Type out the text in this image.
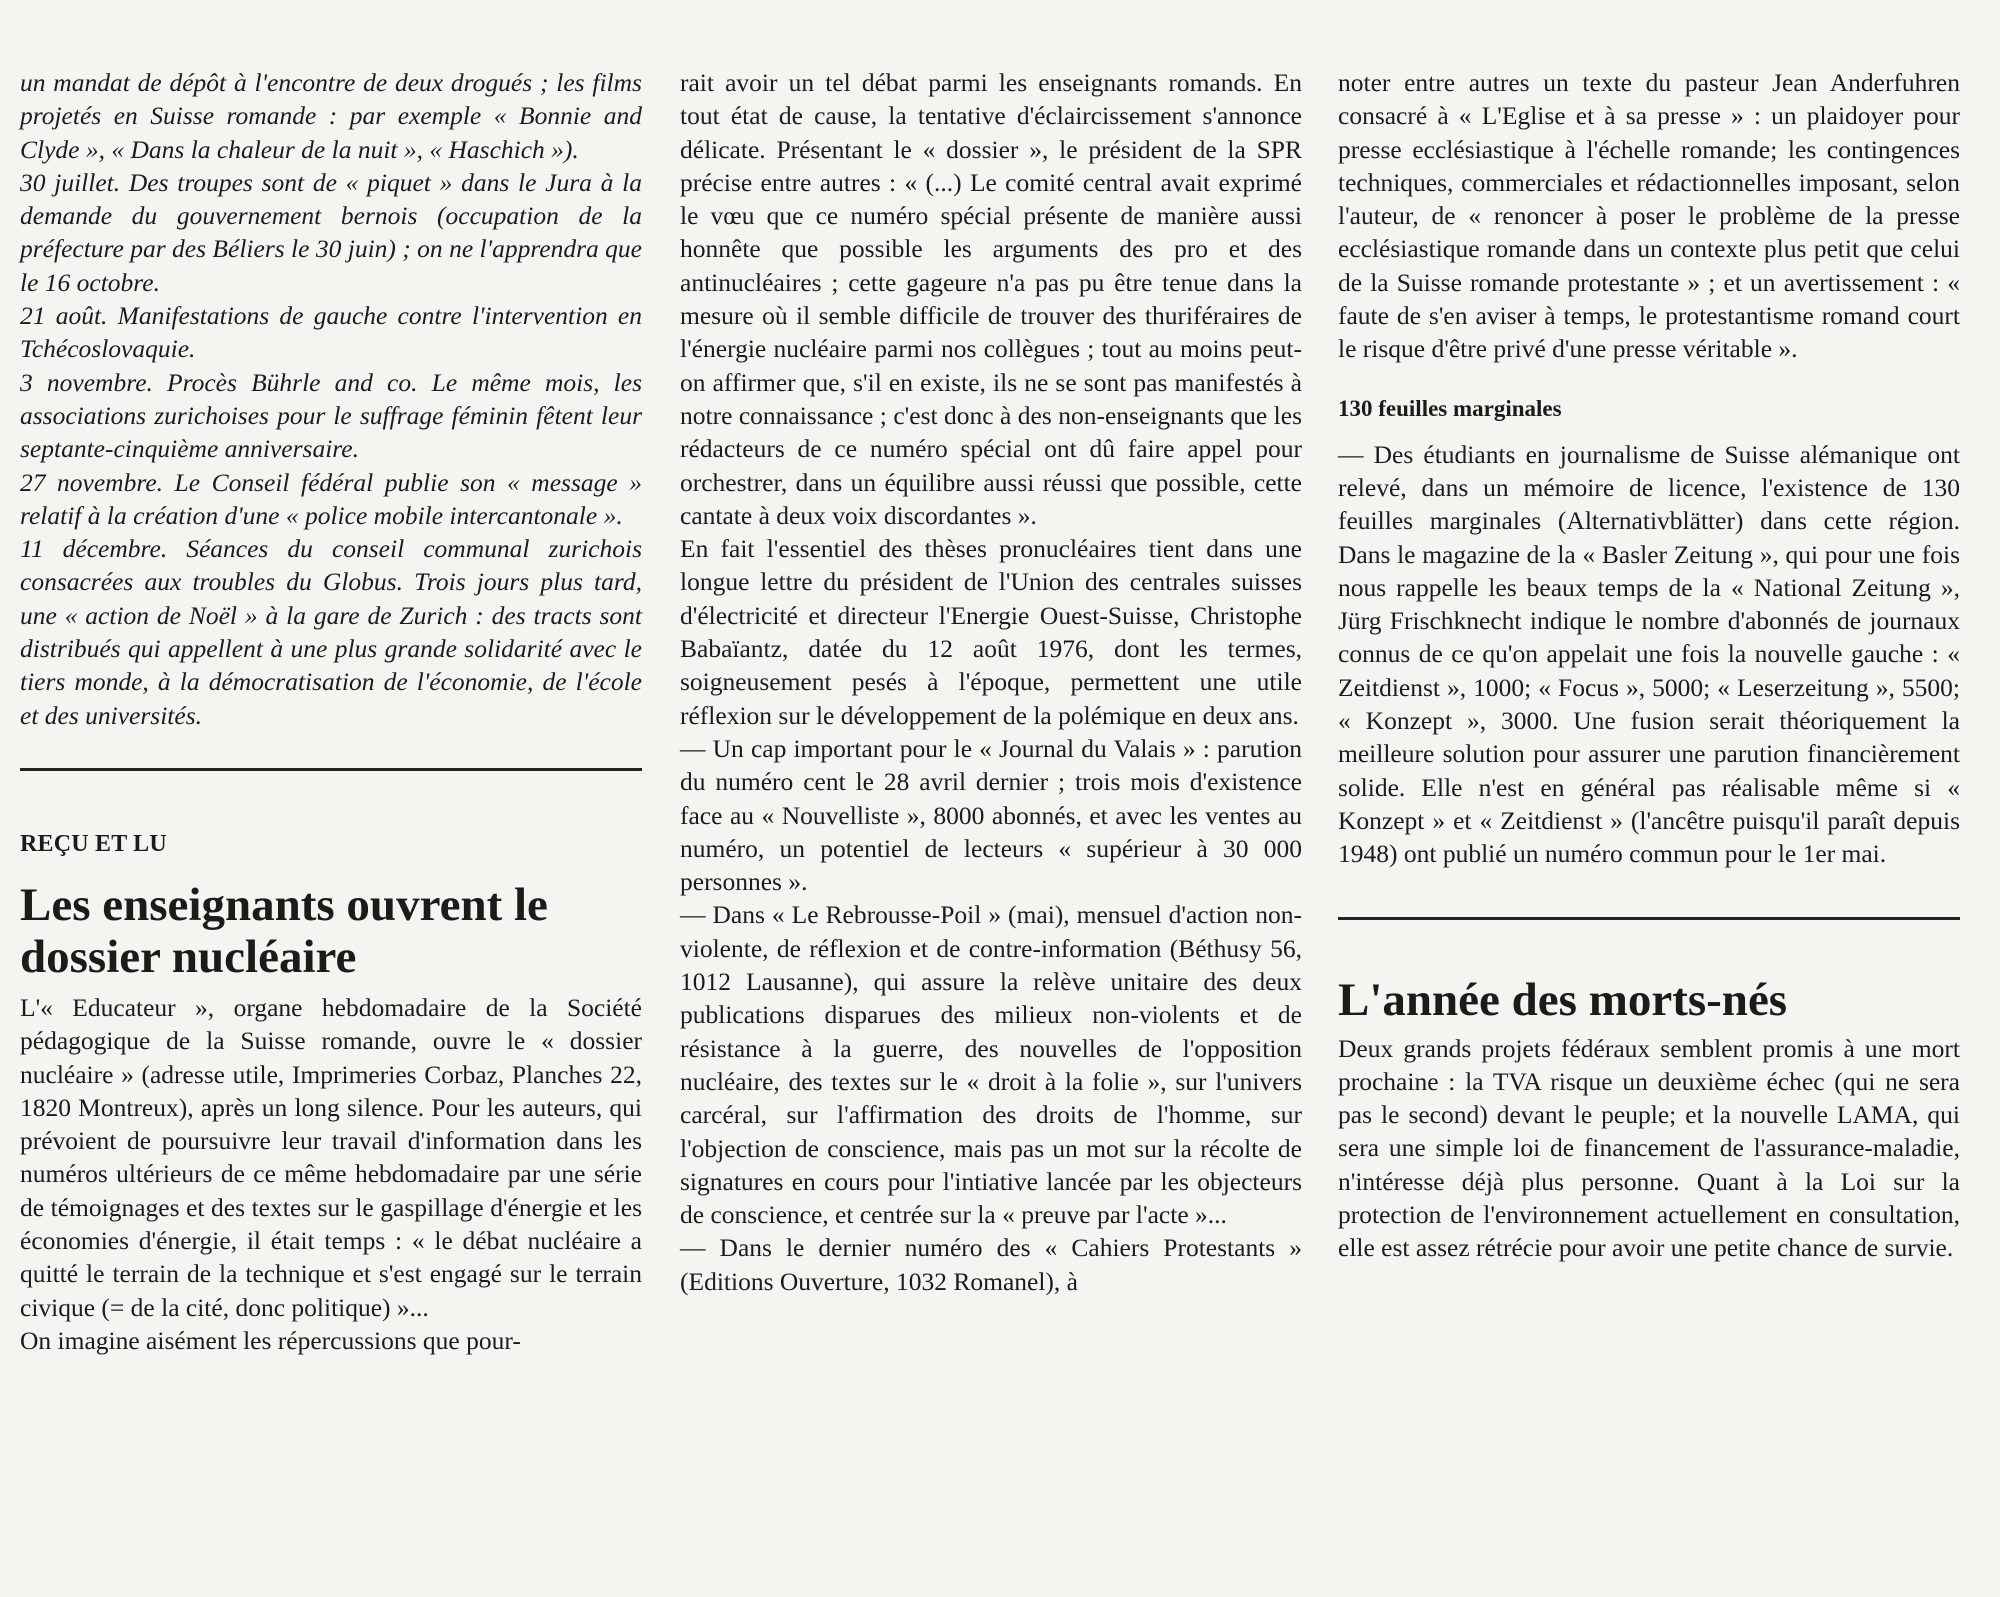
un mandat de dépôt à l'encontre de deux drogués ; les films projetés en Suisse romande : par exemple « Bonnie and Clyde », « Dans la chaleur de la nuit », « Haschich »).

30 juillet. Des troupes sont de « piquet » dans le Jura à la demande du gouvernement bernois (occupation de la préfecture par des Béliers le 30 juin) ; on ne l'apprendra que le 16 octobre.

21 août. Manifestations de gauche contre l'intervention en Tchécoslovaquie.

3 novembre. Procès Bührle and co. Le même mois, les associations zurichoises pour le suffrage féminin fêtent leur septante-cinquième anniversaire.

27 novembre. Le Conseil fédéral publie son « message » relatif à la création d'une « police mobile intercantonale ».

11 décembre. Séances du conseil communal zurichois consacrées aux troubles du Globus. Trois jours plus tard, une « action de Noël » à la gare de Zurich : des tracts sont distribués qui appellent à une plus grande solidarité avec le tiers monde, à la démocratisation de l'économie, de l'école et des universités.

REÇU ET LU

Les enseignants ouvrent le dossier nucléaire

L'« Educateur », organe hebdomadaire de la Société pédagogique de la Suisse romande, ouvre le « dossier nucléaire » (adresse utile, Imprimeries Corbaz, Planches 22, 1820 Montreux), après un long silence. Pour les auteurs, qui prévoient de poursuivre leur travail d'information dans les numéros ultérieurs de ce même hebdomadaire par une série de témoignages et des textes sur le gaspillage d'énergie et les économies d'énergie, il était temps : « le débat nucléaire a quitté le terrain de la technique et s'est engagé sur le terrain civique (= de la cité, donc politique) »...

On imagine aisément les répercussions que pour-

rait avoir un tel débat parmi les enseignants romands. En tout état de cause, la tentative d'éclaircissement s'annonce délicate. Présentant le « dossier », le président de la SPR précise entre autres : « (...) Le comité central avait exprimé le vœu que ce numéro spécial présente de manière aussi honnête que possible les arguments des pro et des antinucléaires ; cette gageure n'a pas pu être tenue dans la mesure où il semble difficile de trouver des thuriféraires de l'énergie nucléaire parmi nos collègues ; tout au moins peut-on affirmer que, s'il en existe, ils ne se sont pas manifestés à notre connaissance ; c'est donc à des non-enseignants que les rédacteurs de ce numéro spécial ont dû faire appel pour orchestrer, dans un équilibre aussi réussi que possible, cette cantate à deux voix discordantes ».

En fait l'essentiel des thèses pronucléaires tient dans une longue lettre du président de l'Union des centrales suisses d'électricité et directeur l'Energie Ouest-Suisse, Christophe Babaïantz, datée du 12 août 1976, dont les termes, soigneusement pesés à l'époque, permettent une utile réflexion sur le développement de la polémique en deux ans.

— Un cap important pour le « Journal du Valais » : parution du numéro cent le 28 avril dernier ; trois mois d'existence face au « Nouvelliste », 8000 abonnés, et avec les ventes au numéro, un potentiel de lecteurs « supérieur à 30 000 personnes ».

— Dans « Le Rebrousse-Poil » (mai), mensuel d'action non-violente, de réflexion et de contre-information (Béthusy 56, 1012 Lausanne), qui assure la relève unitaire des deux publications disparues des milieux non-violents et de résistance à la guerre, des nouvelles de l'opposition nucléaire, des textes sur le « droit à la folie », sur l'univers carcéral, sur l'affirmation des droits de l'homme, sur l'objection de conscience, mais pas un mot sur la récolte de signatures en cours pour l'intiative lancée par les objecteurs de conscience, et centrée sur la « preuve par l'acte »...

— Dans le dernier numéro des « Cahiers Protestants » (Editions Ouverture, 1032 Romanel), à

noter entre autres un texte du pasteur Jean Anderfuhren consacré à « L'Eglise et à sa presse » : un plaidoyer pour presse ecclésiastique à l'échelle romande; les contingences techniques, commerciales et rédactionnelles imposant, selon l'auteur, de « renoncer à poser le problème de la presse ecclésiastique romande dans un contexte plus petit que celui de la Suisse romande protestante » ; et un avertissement : « faute de s'en aviser à temps, le protestantisme romand court le risque d'être privé d'une presse véritable ».

130 feuilles marginales

— Des étudiants en journalisme de Suisse alémanique ont relevé, dans un mémoire de licence, l'existence de 130 feuilles marginales (Alternativblätter) dans cette région. Dans le magazine de la « Basler Zeitung », qui pour une fois nous rappelle les beaux temps de la « National Zeitung », Jürg Frischknecht indique le nombre d'abonnés de journaux connus de ce qu'on appelait une fois la nouvelle gauche : « Zeitdienst », 1000; « Focus », 5000; « Leserzeitung », 5500; « Konzept », 3000. Une fusion serait théoriquement la meilleure solution pour assurer une parution financièrement solide. Elle n'est en général pas réalisable même si « Konzept » et « Zeitdienst » (l'ancêtre puisqu'il paraît depuis 1948) ont publié un numéro commun pour le 1er mai.

L'année des morts-nés

Deux grands projets fédéraux semblent promis à une mort prochaine : la TVA risque un deuxième échec (qui ne sera pas le second) devant le peuple; et la nouvelle LAMA, qui sera une simple loi de financement de l'assurance-maladie, n'intéresse déjà plus personne. Quant à la Loi sur la protection de l'environnement actuellement en consultation, elle est assez rétrécie pour avoir une petite chance de survie.
